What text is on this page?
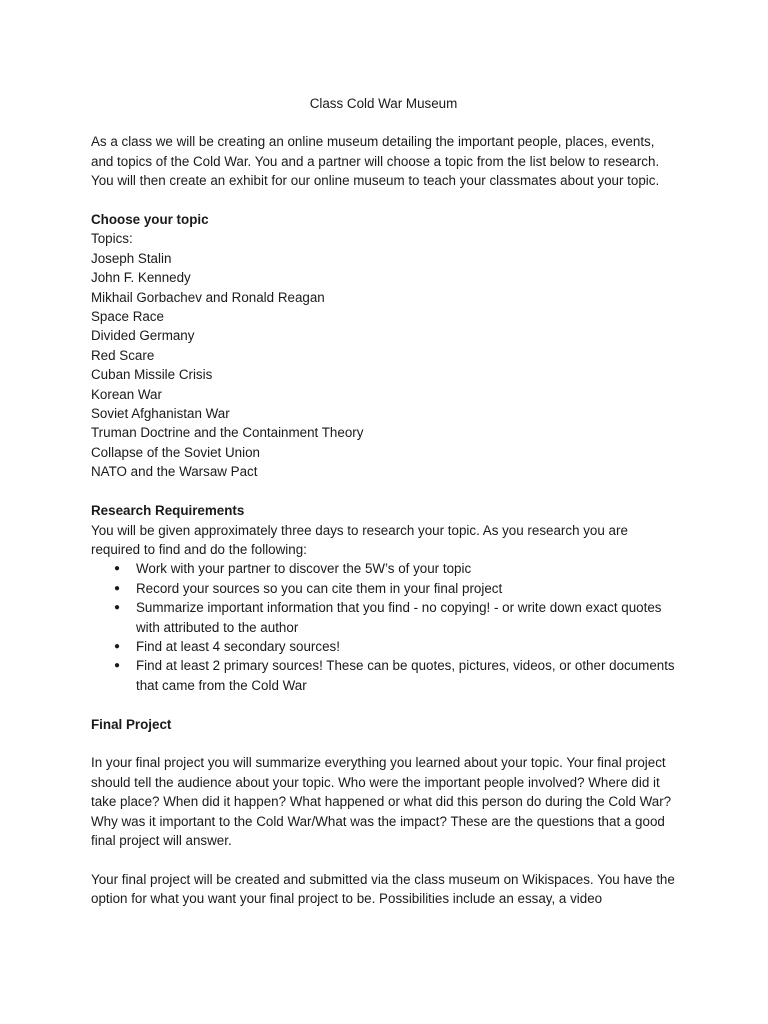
Class Cold War Museum

As a class we will be creating an online museum detailing the important people, places, events, and topics of the Cold War. You and a partner will choose a topic from the list below to research. You will then create an exhibit for our online museum to teach your classmates about your topic.

Choose your topic

Topics:

Joseph Stalin
John F. Kennedy
Mikhail Gorbachev and Ronald Reagan
Space Race
Divided Germany
Red Scare
Cuban Missile Crisis
Korean War
Soviet Afghanistan War
Truman Doctrine and the Containment Theory
Collapse of the Soviet Union
NATO and the Warsaw Pact

Research Requirements

You will be given approximately three days to research your topic. As you research you are required to find and do the following:

● Work with your partner to discover the 5W’s of your topic
● Record your sources so you can cite them in your final project
● Summarize important information that you find - no copying! - or write down exact quotes with attributed to the author
● Find at least 4 secondary sources!
● Find at least 2 primary sources! These can be quotes, pictures, videos, or other documents that came from the Cold War

Final Project

In your final project you will summarize everything you learned about your topic. Your final project should tell the audience about your topic. Who were the important people involved? Where did it take place? When did it happen? What happened or what did this person do during the Cold War? Why was it important to the Cold War/What was the impact? These are the questions that a good final project will answer.

Your final project will be created and submitted via the class museum on Wikispaces. You have the option for what you want your final project to be. Possibilities include an essay, a video
